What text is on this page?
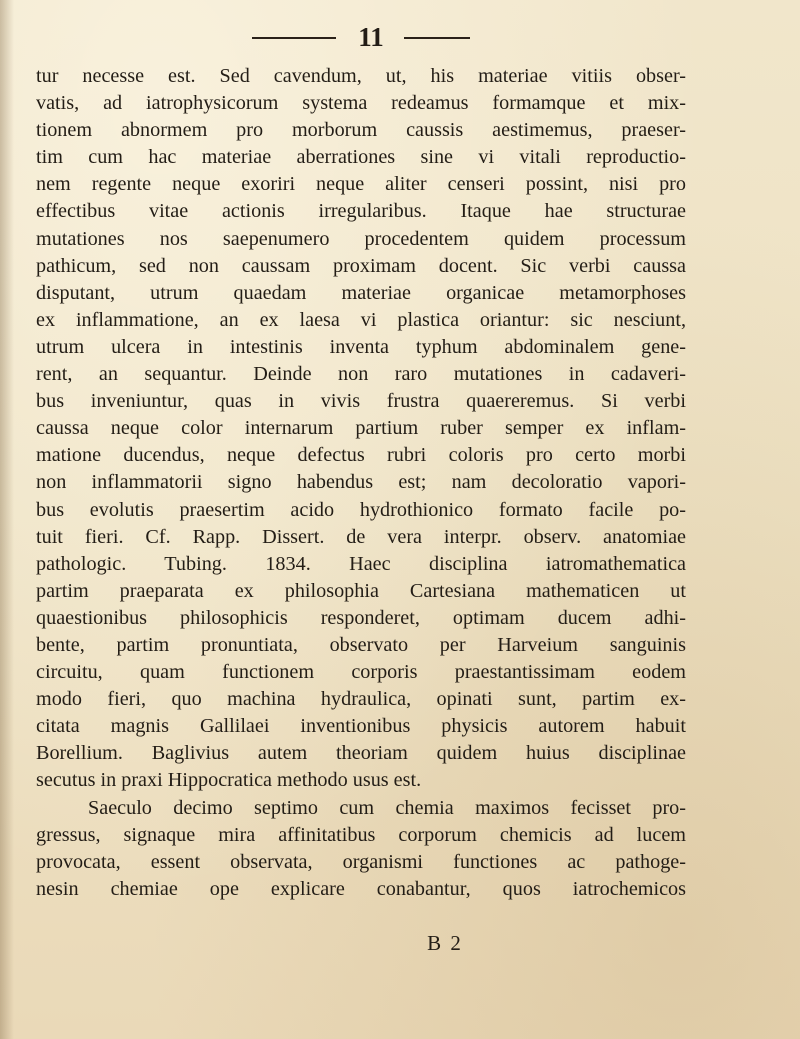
11
tur necesse est. Sed cavendum, ut, his materiae vitiis obser-
vatis, ad iatrophysicorum systema redeamus formamque et mix-
tionem abnormem pro morborum caussis aestimemus, praeser-
tim cum hac materiae aberrationes sine vi vitali reproductio-
nem regente neque exoriri neque aliter censeri possint, nisi pro
effectibus vitae actionis irregularibus. Itaque hae structurae
mutationes nos saepenumero procedentem quidem processum
pathicum, sed non caussam proximam docent. Sic verbi caussa
disputant, utrum quaedam materiae organicae metamorphoses
ex inflammatione, an ex laesa vi plastica oriantur: sic nesciunt,
utrum ulcera in intestinis inventa typhum abdominalem gene-
rent, an sequantur. Deinde non raro mutationes in cadaveri-
bus inveniuntur, quas in vivis frustra quaereremus. Si verbi
caussa neque color internarum partium ruber semper ex inflam-
matione ducendus, neque defectus rubri coloris pro certo morbi
non inflammatorii signo habendus est; nam decoloratio vapori-
bus evolutis praesertim acido hydrothionico formato facile po-
tuit fieri. Cf. Rapp. Dissert. de vera interpr. observ. anatomiae
pathologic. Tubing. 1834. Haec disciplina iatromathematica
partim praeparata ex philosophia Cartesiana mathematicen ut
quaestionibus philosophicis responderet, optimam ducem adhi-
bente, partim pronuntiata, observato per Harveium sanguinis
circuitu, quam functionem corporis praestantissimam eodem
modo fieri, quo machina hydraulica, opinati sunt, partim ex-
citata magnis Gallilaei inventionibus physicis autorem habuit
Borellium. Baglivius autem theoriam quidem huius disciplinae
secutus in praxi Hippocratica methodo usus est.
Saeculo decimo septimo cum chemia maximos fecisset pro-
gressus, signaque mira affinitatibus corporum chemicis ad lucem
provocata, essent observata, organismi functiones ac pathoge-
nesin chemiae ope explicare conabantur, quos iatrochemicos
B 2
